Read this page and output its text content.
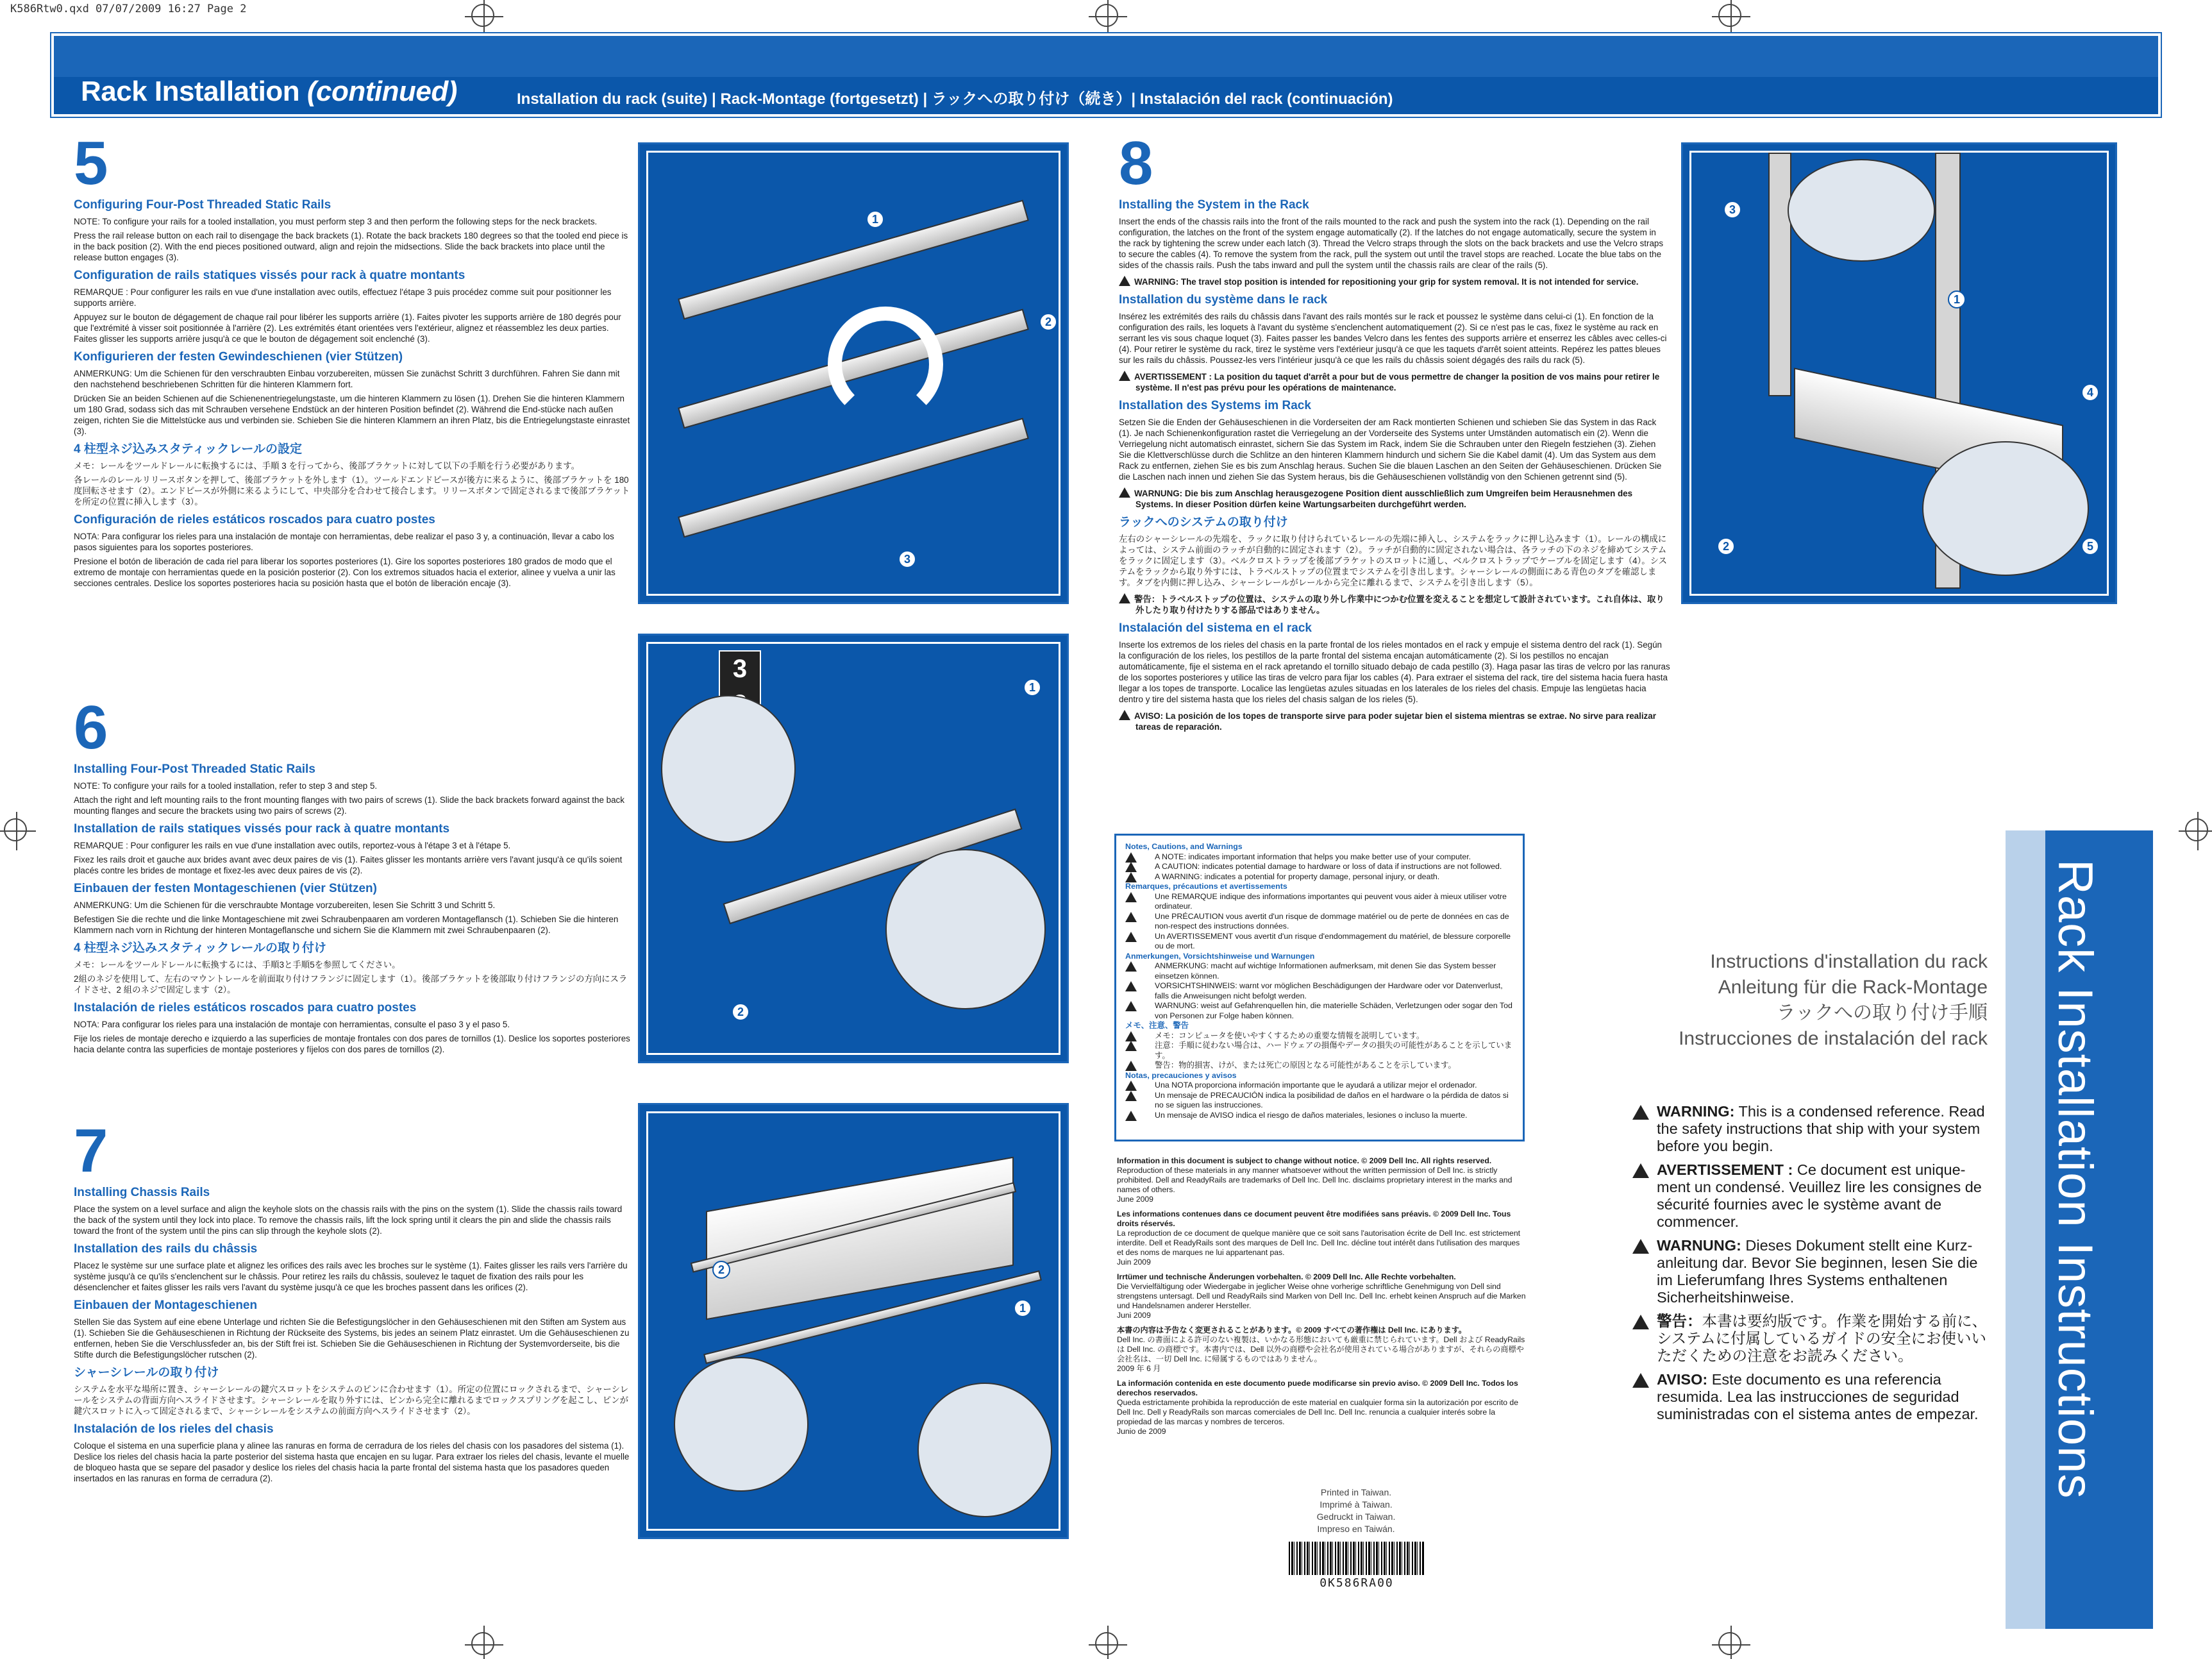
K586Rtw0.qxd 07/07/2009 16:27 Page 2
Rack Installation (continued)	Installation du rack (suite) | Rack-Montage (fortgesetzt) | ラックへの取り付け（続き）| Instalación del rack (continuación)
5
Configuring Four-Post Threaded Static Rails
NOTE: To configure your rails for a tooled installation, you must perform step 3 and then perform the following steps for the neck brackets.
Press the rail release button on each rail to disengage the back brackets (1). Rotate the back brackets 180 degrees so that the tooled end piece is in the back position (2). With the end pieces positioned outward, align and rejoin the midsections. Slide the back brackets into place until the release button engages (3).
Configuration de rails statiques vissés pour rack à quatre montants
REMARQUE : Pour configurer les rails en vue d'une installation avec outils, effectuez l'étape 3 puis procédez comme suit pour positionner les supports arrière.
Appuyez sur le bouton de dégagement de chaque rail pour libérer les supports arrière (1). Faites pivoter les supports arrière de 180 degrés pour que l'extrémité à visser soit positionnée à l'arrière (2). Les extrémités étant orientées vers l'extérieur, alignez et réassemblez les deux parties. Faites glisser les supports arrière jusqu'à ce que le bouton de dégagement soit enclenché (3).
Konfigurieren der festen Gewindeschienen (vier Stützen)
ANMERKUNG: Um die Schienen für den verschraubten Einbau vorzubereiten, müssen Sie zunächst Schritt 3 durchführen. Fahren Sie dann mit den nachstehend beschriebenen Schritten für die hinteren Klammern fort.
Drücken Sie an beiden Schienen auf die Schienenentriegelungstaste, um die hinteren Klammern zu lösen (1). Drehen Sie die hinteren Klammern um 180 Grad, sodass sich das mit Schrauben versehene Endstück an der hinteren Position befindet (2). Während die End-stücke nach außen zeigen, richten Sie die Mittelstücke aus und verbinden sie. Schieben Sie die hinteren Klammern an ihren Platz, bis die Entriegelungstaste einrastet (3).
4 柱型ネジ込みスタティックレールの設定
メモ：レールをツールドレールに転換するには、手順 3 を行ってから、後部ブラケットに対して以下の手順を行う必要があります。
各レールのレールリリースボタンを押して、後部ブラケットを外します（1）。ツールドエンドピースが後方に来るように、後部ブラケットを 180 度回転させます（2）。エンドピースが外側に来るようにして、中央部分を合わせて接合します。リリースボタンで固定されるまで後部ブラケットを所定の位置に挿入します（3）。
Configuración de rieles estáticos roscados para cuatro postes
NOTA: Para configurar los rieles para una instalación de montaje con herramientas, debe realizar el paso 3 y, a continuación, llevar a cabo los pasos siguientes para los soportes posteriores.
Presione el botón de liberación de cada riel para liberar los soportes posteriores (1). Gire los soportes posteriores 180 grados de modo que el extremo de montaje con herramientas quede en la posición posterior (2). Con los extremos situados hacia el exterior, alinee y vuelva a unir las secciones centrales. Deslice los soportes posteriores hacia su posición hasta que el botón de liberación encaje (3).
6
Installing Four-Post Threaded Static Rails
NOTE: To configure your rails for a tooled installation, refer to step 3 and step 5.
Attach the right and left mounting rails to the front mounting flanges with two pairs of screws (1). Slide the back brackets forward against the back mounting flanges and secure the brackets using two pairs of screws (2).
Installation de rails statiques vissés pour rack à quatre montants
REMARQUE : Pour configurer les rails en vue d'une installation avec outils, reportez-vous à l'étape 3 et à l'étape 5.
Fixez les rails droit et gauche aux brides avant avec deux paires de vis (1). Faites glisser les montants arrière vers l'avant jusqu'à ce qu'ils soient placés contre les brides de montage et fixez-les avec deux paires de vis (2).
Einbauen der festen Montageschienen (vier Stützen)
ANMERKUNG: Um die Schienen für die verschraubte Montage vorzubereiten, lesen Sie Schritt 3 und Schritt 5.
Befestigen Sie die rechte und die linke Montageschiene mit zwei Schraubenpaaren am vorderen Montageflansch (1). Schieben Sie die hinteren Klammern nach vorn in Richtung der hinteren Montageflansche und sichern Sie die Klammern mit zwei Schraubenpaaren (2).
4 柱型ネジ込みスタティックレールの取り付け
メモ：レールをツールドレールに転換するには、手順3と手順5を参照してください。
2組のネジを使用して、左右のマウントレールを前面取り付けフランジに固定します（1）。後部ブラケットを後部取り付けフランジの方向にスライドさせ、2 組のネジで固定します（2）。
Instalación de rieles estáticos roscados para cuatro postes
NOTA: Para configurar los rieles para una instalación de montaje con herramientas, consulte el paso 3 y el paso 5.
Fije los rieles de montaje derecho e izquierdo a las superficies de montaje frontales con dos pares de tornillos (1). Deslice los soportes posteriores hacia delante contra las superficies de montaje posteriores y fíjelos con dos pares de tornillos (2).
7
Installing Chassis Rails
Place the system on a level surface and align the keyhole slots on the chassis rails with the pins on the system (1). Slide the chassis rails toward the back of the system until they lock into place. To remove the chassis rails, lift the lock spring until it clears the pin and slide the chassis rails toward the front of the system until the pins can slip through the keyhole slots (2).
Installation des rails du châssis
Placez le système sur une surface plate et alignez les orifices des rails avec les broches sur le système (1). Faites glisser les rails vers l'arrière du système jusqu'à ce qu'ils s'enclenchent sur le châssis. Pour retirez les rails du châssis, soulevez le taquet de fixation des rails pour les désenclencher et faites glisser les rails vers l'avant du système jusqu'à ce que les broches passent dans les orifices (2).
Einbauen der Montageschienen
Stellen Sie das System auf eine ebene Unterlage und richten Sie die Befestigungslöcher in den Gehäuseschienen mit den Stiften am System aus (1). Schieben Sie die Gehäuseschienen in Richtung der Rückseite des Systems, bis jedes an seinem Platz einrastet. Um die Gehäuseschienen zu entfernen, heben Sie die Verschlussfeder an, bis der Stift frei ist. Schieben Sie die Gehäuseschienen in Richtung der Systemvorderseite, bis die Stifte durch die Befestigungslöcher rutschen (2).
シャーシレールの取り付け
システムを水平な場所に置き、シャーシレールの鍵穴スロットをシステムのピンに合わせます（1）。所定の位置にロックされるまで、シャーシレールをシステムの背面方向へスライドさせます。シャーシレールを取り外すには、ピンから完全に離れるまでロックスプリングを起こし、ピンが鍵穴スロットに入って固定されるまで、シャーシレールをシステムの前面方向へスライドさせます（2）。
Instalación de los rieles del chasis
Coloque el sistema en una superficie plana y alinee las ranuras en forma de cerradura de los rieles del chasis con los pasadores del sistema (1). Deslice los rieles del chasis hacia la parte posterior del sistema hasta que encajen en su lugar. Para extraer los rieles del chasis, levante el muelle de bloqueo hasta que se separe del pasador y deslice los rieles del chasis hacia la parte frontal del sistema hasta que los pasadores queden insertados en las ranuras en forma de cerradura (2).
1
2
3
3
1
2
2
1
8
Installing the System in the Rack
Insert the ends of the chassis rails into the front of the rails mounted to the rack and push the system into the rack (1). Depending on the rail configuration, the latches on the front of the system engage automatically (2). If the latches do not engage automatically, secure the system in the rack by tightening the screw under each latch (3). Thread the Velcro straps through the slots on the back brackets and use the Velcro straps to secure the cables (4). To remove the system from the rack, pull the system out until the travel stops are reached. Locate the blue tabs on the sides of the chassis rails. Push the tabs inward and pull the system until the chassis rails are clear of the rails (5).
WARNING: The travel stop position is intended for repositioning your grip for system removal. It is not intended for service.
Installation du système dans le rack
Insérez les extrémités des rails du châssis dans l'avant des rails montés sur le rack et poussez le système dans celui-ci (1). En fonction de la configuration des rails, les loquets à l'avant du système s'enclenchent automatiquement (2). Si ce n'est pas le cas, fixez le système au rack en serrant les vis sous chaque loquet (3). Faites passer les bandes Velcro dans les fentes des supports arrière et enserrez les câbles avec celles-ci (4). Pour retirer le système du rack, tirez le système vers l'extérieur jusqu'à ce que les taquets d'arrêt soient atteints. Repérez les pattes bleues sur les rails du châssis. Poussez-les vers l'intérieur jusqu'à ce que les rails du châssis soient dégagés des rails du rack (5).
AVERTISSEMENT : La position du taquet d'arrêt a pour but de vous permettre de changer la position de vos mains pour retirer le système. Il n'est pas prévu pour les opérations de maintenance.
Installation des Systems im Rack
Setzen Sie die Enden der Gehäuseschienen in die Vorderseiten der am Rack montierten Schienen und schieben Sie das System in das Rack (1). Je nach Schienenkonfiguration rastet die Verriegelung an der Vorderseite des Systems unter Umständen automatisch ein (2). Wenn die Verriegelung nicht automatisch einrastet, sichern Sie das System im Rack, indem Sie die Schrauben unter den Riegeln festziehen (3). Ziehen Sie die Klettverschlüsse durch die Schlitze an den hinteren Klammern hindurch und sichern Sie die Kabel damit (4). Um das System aus dem Rack zu entfernen, ziehen Sie es bis zum Anschlag heraus. Suchen Sie die blauen Laschen an den Seiten der Gehäuseschienen. Drücken Sie die Laschen nach innen und ziehen Sie das System heraus, bis die Gehäuseschienen vollständig von den Schienen getrennt sind (5).
WARNUNG: Die bis zum Anschlag herausgezogene Position dient ausschließlich zum Umgreifen beim Herausnehmen des Systems. In dieser Position dürfen keine Wartungsarbeiten durchgeführt werden.
ラックへのシステムの取り付け
左右のシャーシレールの先端を、ラックに取り付けられているレールの先端に挿入し、システムをラックに押し込みます（1）。レールの構成によっては、システム前面のラッチが自動的に固定されます（2）。ラッチが自動的に固定されない場合は、各ラッチの下のネジを締めてシステムをラックに固定します（3）。ベルクロストラップを後部ブラケットのスロットに通し、ベルクロストラップでケーブルを固定します（4）。システムをラックから取り外すには、トラベルストップの位置までシステムを引き出します。シャーシレールの側面にある青色のタブを確認します。タブを内側に押し込み、シャーシレールがレールから完全に離れるまで、システムを引き出します（5）。
警告：トラベルストップの位置は、システムの取り外し作業中につかむ位置を変えることを想定して設計されています。これ自体は、取り外したり取り付けたりする部品ではありません。
Instalación del sistema en el rack
Inserte los extremos de los rieles del chasis en la parte frontal de los rieles montados en el rack y empuje el sistema dentro del rack (1). Según la configuración de los rieles, los pestillos de la parte frontal del sistema encajan automáticamente (2). Si los pestillos no encajan automáticamente, fije el sistema en el rack apretando el tornillo situado debajo de cada pestillo (3). Haga pasar las tiras de velcro por las ranuras de los soportes posteriores y utilice las tiras de velcro para fijar los cables (4). Para extraer el sistema del rack, tire del sistema hacia fuera hasta llegar a los topes de transporte. Localice las lengüetas azules situadas en los laterales de los rieles del chasis. Empuje las lengüetas hacia dentro y tire del sistema hasta que los rieles del chasis salgan de los rieles (5).
AVISO: La posición de los topes de transporte sirve para poder sujetar bien el sistema mientras se extrae. No sirve para realizar tareas de reparación.
3
1
4
2	5
Notes, Cautions, and Warnings
A NOTE: indicates important information that helps you make better use of your computer.
A CAUTION: indicates potential damage to hardware or loss of data if instructions are not followed.
A WARNING: indicates a potential for property damage, personal injury, or death.
Remarques, précautions et avertissements
Une REMARQUE indique des informations importantes qui peuvent vous aider à mieux utiliser votre ordinateur.
Une PRÉCAUTION vous avertit d'un risque de dommage matériel ou de perte de données en cas de non-respect des instructions données.
Un AVERTISSEMENT vous avertit d'un risque d'endommagement du matériel, de blessure corporelle ou de mort.
Anmerkungen, Vorsichtshinweise und Warnungen
ANMERKUNG: macht auf wichtige Informationen aufmerksam, mit denen Sie das System besser einsetzen können.
VORSICHTSHINWEIS: warnt vor möglichen Beschädigungen der Hardware oder vor Datenverlust, falls die Anweisungen nicht befolgt werden.
WARNUNG: weist auf Gefahrenquellen hin, die materielle Schäden, Verletzungen oder sogar den Tod von Personen zur Folge haben können.
メモ、注意、警告
メモ：コンピュータを使いやすくするための重要な情報を説明しています。
注意：手順に従わない場合は、ハードウェアの損傷やデータの損失の可能性があることを示しています。
警告：物的損害、けが、または死亡の原因となる可能性があることを示しています。
Notas, precauciones y avisos
Una NOTA proporciona información importante que le ayudará a utilizar mejor el ordenador.
Un mensaje de PRECAUCIÓN indica la posibilidad de daños en el hardware o la pérdida de datos si no se siguen las instrucciones.
Un mensaje de AVISO indica el riesgo de daños materiales, lesiones o incluso la muerte.
Information in this document is subject to change without notice. © 2009 Dell Inc. All rights reserved.
Reproduction of these materials in any manner whatsoever without the written permission of Dell Inc. is strictly prohibited. Dell and ReadyRails are trademarks of Dell Inc. Dell Inc. disclaims proprietary interest in the marks and names of others.
June 2009
Les informations contenues dans ce document peuvent être modifiées sans préavis. © 2009 Dell Inc. Tous droits réservés.
La reproduction de ce document de quelque manière que ce soit sans l'autorisation écrite de Dell Inc. est strictement interdite. Dell et ReadyRails sont des marques de Dell Inc. Dell Inc. décline tout intérêt dans l'utilisation des marques et des noms de marques ne lui appartenant pas.
Juin 2009
Irrtümer und technische Änderungen vorbehalten. © 2009 Dell Inc. Alle Rechte vorbehalten.
Die Vervielfältigung oder Wiedergabe in jeglicher Weise ohne vorherige schriftliche Genehmigung von Dell sind strengstens untersagt. Dell und ReadyRails sind Marken von Dell Inc. Dell Inc. erhebt keinen Anspruch auf die Marken und Handelsnamen anderer Hersteller.
Juni 2009
本書の内容は予告なく変更されることがあります。© 2009 すべての著作権は Dell Inc. にあります。
Dell Inc. の書面による許可のない複製は、いかなる形態においても厳重に禁じられています。Dell および ReadyRails は Dell Inc. の商標です。本書内では、Dell 以外の商標や会社名が使用されている場合がありますが、それらの商標や会社名は、一切 Dell Inc. に帰属するものではありません。
2009 年 6 月
La información contenida en este documento puede modificarse sin previo aviso. © 2009 Dell Inc. Todos los derechos reservados.
Queda estrictamente prohibida la reproducción de este material en cualquier forma sin la autorización por escrito de Dell Inc. Dell y ReadyRails son marcas comerciales de Dell Inc. Dell Inc. renuncia a cualquier interés sobre la propiedad de las marcas y nombres de terceros.
Junio de 2009
Printed in Taiwan.
Imprimé à Taiwan.
Gedruckt in Taiwan.
Impreso en Taiwán.
0K586RA00
Rack Installation Instructions
Instructions d'installation du rack
Anleitung für die Rack-Montage
ラックへの取り付け手順
Instrucciones de instalación del rack
WARNING: This is a condensed reference. Read the safety instructions that ship with your system before you begin.
AVERTISSEMENT : Ce document est unique-ment un condensé. Veuillez lire les consignes de sécurité fournies avec le système avant de commencer.
WARNUNG: Dieses Dokument stellt eine Kurz-anleitung dar. Bevor Sie beginnen, lesen Sie die im Lieferumfang Ihres Systems enthaltenen Sicherheitshinweise.
警告：本書は要約版です。作業を開始する前に、システムに付属しているガイドの安全にお使いいただくための注意をお読みください。
AVISO: Este documento es una referencia resumida. Lea las instrucciones de seguridad suministradas con el sistema antes de empezar.
